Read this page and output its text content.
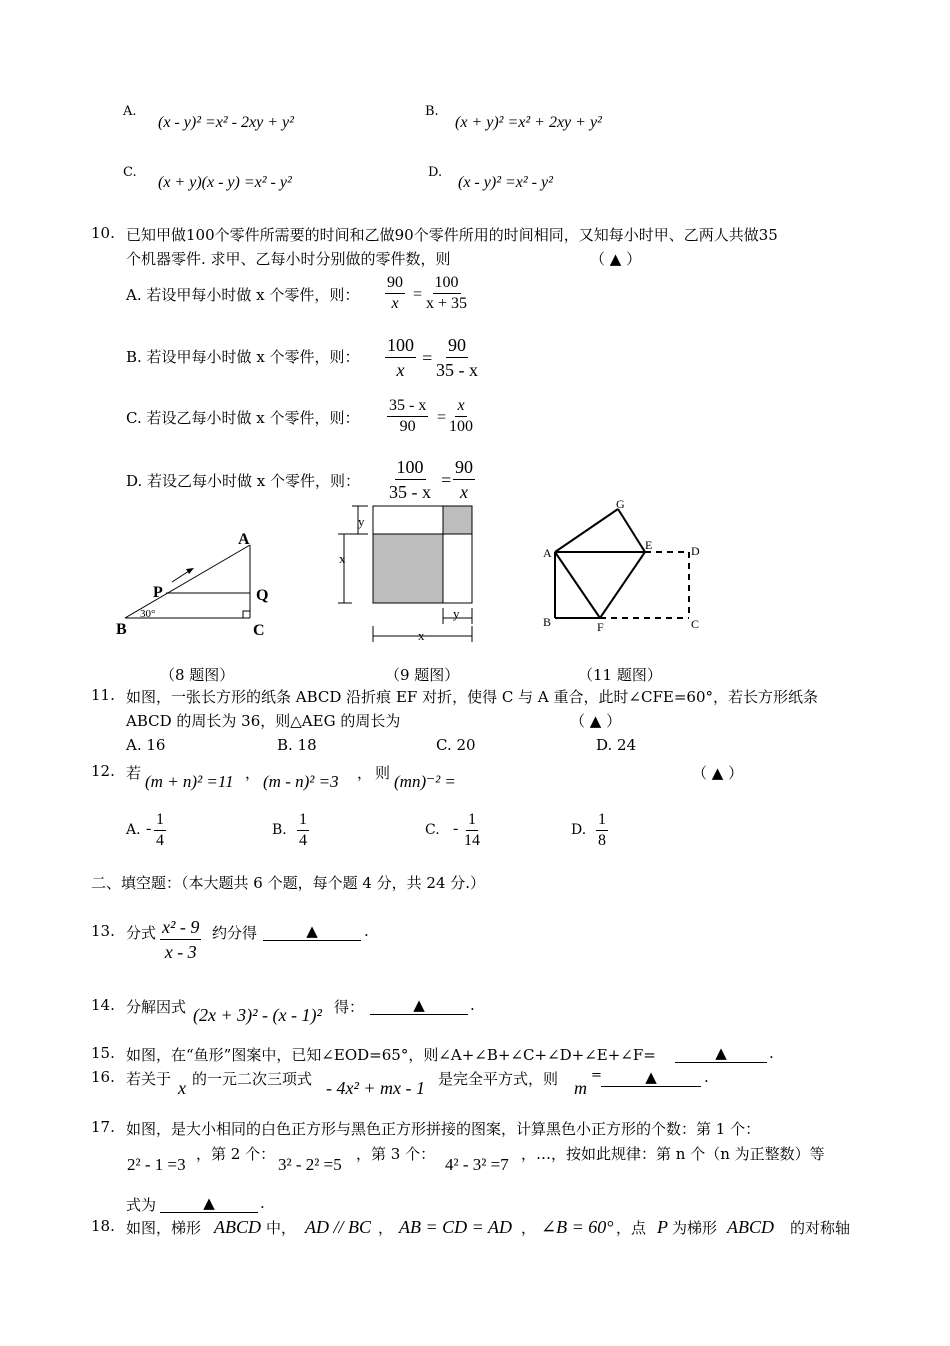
A.
(x - y)² =x² - 2xy + y²
B.
(x + y)² =x² + 2xy + y²
C.
(x + y)(x - y) =x² - y²
D.
(x - y)² =x² - y²
10. 已知甲做100个零件所需要的时间和乙做90个零件所用的时间相同，又知每小时甲、乙两人共做35
个机器零件. 求甲、乙每小时分别做的零件数，则	（ ▲ ）
A. 若设甲每小时做 x 个零件，则： $\frac{90}{x} = \frac{100}{x + 35}$
B. 若设甲每小时做 x 个零件，则： $\frac{100}{x} = \frac{90}{35 - x}$
C. 若设乙每小时做 x 个零件，则： $\frac{35 - x}{90} = \frac{x}{100}$
D. 若设乙每小时做 x 个零件，则： $\frac{100}{35 - x} = \frac{90}{x}$
A
P	Q
B	C
30°
（8 题图）
y
x
y
x
（9 题图）
G
A
E	D
B	F	C
（11 题图）
11. 如图，一张长方形的纸条 ABCD 沿折痕 EF 对折，使得 C 与 A 重合，此时∠CFE=60°，若长方形纸条
ABCD 的周长为 36，则△AEG 的周长为	（ ▲ ）
A. 16	B. 18	C. 20	D. 24
12. 若 (m + n)² =11 ， (m - n)² =3 ， 则 (mn)⁻² =	（ ▲ ）
A. - $\frac{1}{4}$	B. $\frac{1}{4}$	C. - $\frac{1}{14}$	D. $\frac{1}{8}$
二、填空题：（本大题共 6 个题，每个题 4 分，共 24 分.）
13. 分式 $\frac{\text{x² - 9}}{x - 3}$ 约分得	▲	.
14. 分解因式 (2x + 3)² - (x - 1)² 得：	▲	.
15. 如图，在“鱼形”图案中，已知∠EOD=65°，则∠A+∠B+∠C+∠D+∠E+∠F=	▲	.
16. 若关于 x 的一元二次三项式 - 4x² + mx - 1 是完全平方式，则 m
=	▲	.
17. 如图，是大小相同的白色正方形与黑色正方形拼接的图案，计算黑色小正方形的个数：第 1 个：
2² - 1 =3
，第 2 个：
3² - 2² =5
，第 3 个：
4² - 3² =7
，…，按如此规律：第 n 个（n 为正整数）等
式为	▲	.
18. 如图，梯形 ABCD 中， AD // BC ， AB = CD = AD ， ∠B = 60° ，点 P 为梯形 ABCD 的对称轴
